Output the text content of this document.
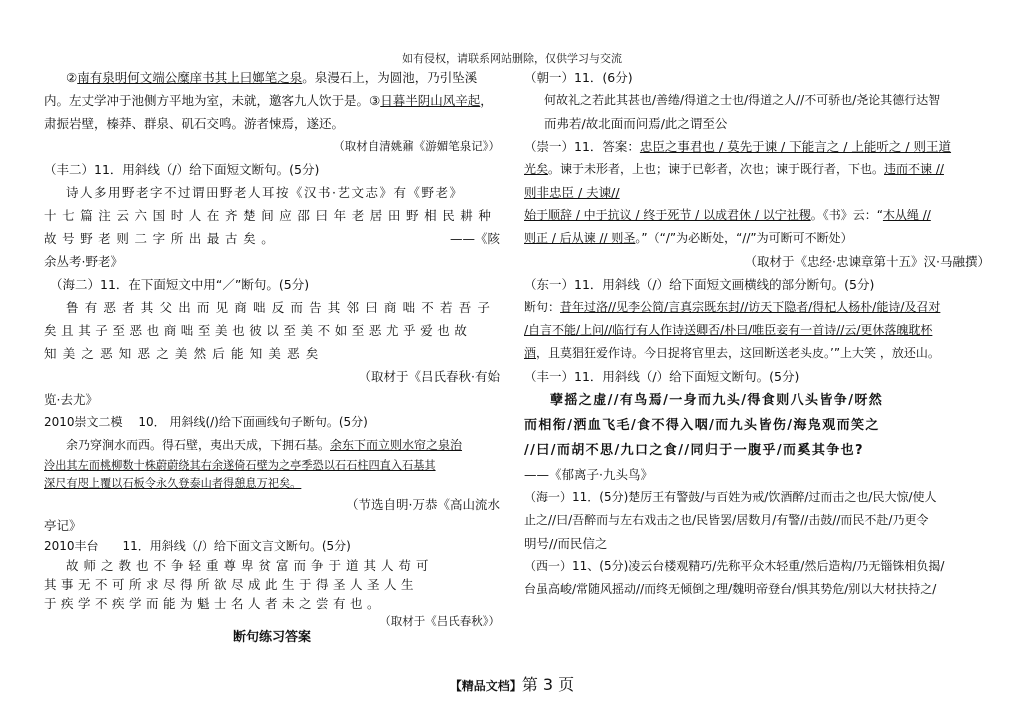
如有侵权，请联系网站删除，仅供学习与交流

②南有泉明何文端公糜庠书其上曰嫏笔之泉。泉漫石上，为圆池，乃引坠溪

内。左丈学冲于池侧方平地为室，未就，邀客九人饮于是。③日暮半阴山风辛起，

肃振岩壁，榛莽、群泉、矶石交鸣。游者悚焉，遂还。

（取材自清姚鼐《游媚笔泉记》）

（丰二）11．用斜线（/）给下面短文断句。(5分)

诗人多用野老字不过谓田野老人耳按《汉书·艺文志》有《野老》

十七篇注云六国时人在齐楚间应邵曰年老居田野相民耕种

故号野老则二字所出最古矣。	——《陔

余丛考·野老》

（海二）11．在下面短文中用“／”断句。(5分)

鲁有恶者其父出而见商咄反而告其邻曰商咄不若吾子

矣且其子至恶也商咄至美也彼以至美不如至恶尤乎爱也故

知美之恶知恶之美然后能知美恶矣

（取材于《吕氏春秋·有始

览·去尤》

2010崇文二模　 10． 用斜线(/)给下面画线句子断句。(5分)

余乃穿涧水而西。得石壁，夷出天成，下拥石基。余东下而立则水帘之泉治

泠出其左而桃柳数十株蔚蔚绕其右余遂倚石壁为之亭季恐以石石柱四直入石基其

深尺有咫上覆以石板令永久登泰山者得憩息万祀矣。

（节选自明·万恭《高山流水

亭记》

2010丰台　　11．用斜线（/）给下面文言文断句。(5分)

故师之教也不争轻重尊卑贫富而争于道其人苟可

其事无不可所求尽得所欲尽成此生于得圣人圣人生

于疾学不疾学而能为魁士名人者未之尝有也。

（取材于《吕氏春秋》）

断句练习答案

（朝一）11．(6分)

何故礼之若此其甚也/善绻/得道之士也/得道之人//不可骄也/尧论其德行达智

而弗若/故北面而问焉/此之谓至公

（崇一）11．答案：忠臣之事君也 / 莫先于谏 / 下能言之 / 上能听之 / 则王道

光矣。谏于未形者，上也；谏于已彰者，次也；谏于既行者，下也。违而不谏 //

则非忠臣 / 夫谏//

始于顺辞 / 中于抗议 / 终于死节 / 以成君休 / 以宁社稷。《书》云：“木从绳 //

则正 / 后从谏 // 则圣。”（“/”为必断处，“//”为可断可不断处）

（取材于《忠经·忠谏章第十五》汉·马融撰）

（东一）11．用斜线（/）给下面短文画横线的部分断句。(5分)

断句：昔年过洛//见李公简/言真宗既东封//访天下隐者/得杞人杨朴/能诗/及召对

/自言不能/上问//临行有人作诗送卿否/朴曰/唯臣妾有一首诗//云/更休落魄耽杯

酒，且莫猖狂爱作诗。今日捉将官里去，这回断送老头皮。’”上大笑 ，放还山。

（丰一）11．用斜线（/）给下面短文断句。(5分)

孽摇之虚//有鸟焉/一身而九头/得食则八头皆争/呀然

而相衔/洒血飞毛/食不得入咽/而九头皆伤/海凫观而笑之

//曰/而胡不思/九口之食//同归于一腹乎/而奚其争也?

——《郁离子·九头鸟》

（海一）11．(5分)楚厉王有警鼓/与百姓为戒/饮酒醉/过而击之也/民大惊/使人

止之//曰/吾醉而与左右戏击之也/民皆罢/居数月/有警//击鼓//而民不赴/乃更令

明号//而民信之

（西一）11、(5分)凌云台楼观精巧/先称平众木轻重/然后造构/乃无锱铢相负揭/

台虽高峻/常随风摇动//而终无倾倒之理/魏明帝登台/惧其势危/别以大材扶持之/

【精品文档】第 3 页
